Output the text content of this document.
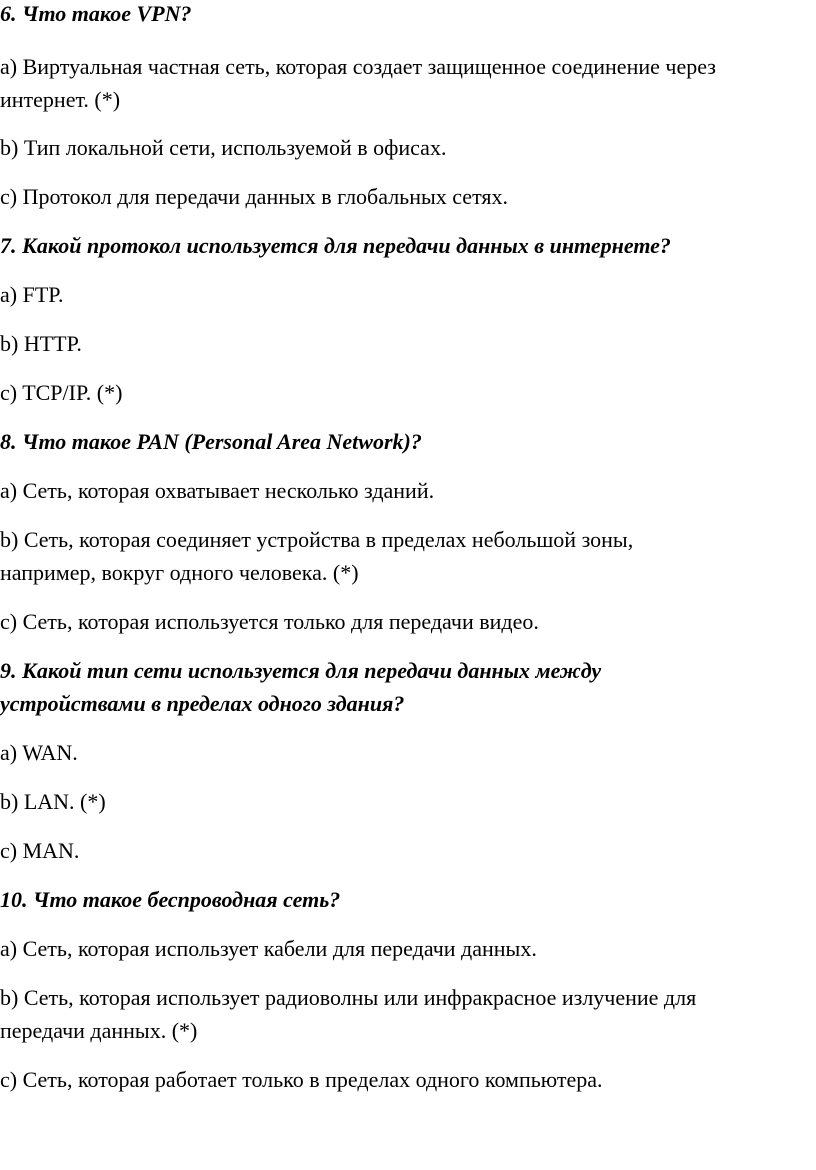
6. Что такое VPN?

a) Виртуальная частная сеть, которая создает защищенное соединение через

интернет. (*)

b) Тип локальной сети, используемой в офисах.

c) Протокол для передачи данных в глобальных сетях.

7. Какой протокол используется для передачи данных в интернете?

a) FTP.

b) HTTP.

c) TCP/IP. (*)

8. Что такое PAN (Personal Area Network)?

a) Сеть, которая охватывает несколько зданий.

b) Сеть, которая соединяет устройства в пределах небольшой зоны,

например, вокруг одного человека. (*)

c) Сеть, которая используется только для передачи видео.

9. Какой тип сети используется для передачи данных между

устройствами в пределах одного здания?

a) WAN.

b) LAN. (*)

c) MAN.

10. Что такое беспроводная сеть?

a) Сеть, которая использует кабели для передачи данных.

b) Сеть, которая использует радиоволны или инфракрасное излучение для

передачи данных. (*)

c) Сеть, которая работает только в пределах одного компьютера.
